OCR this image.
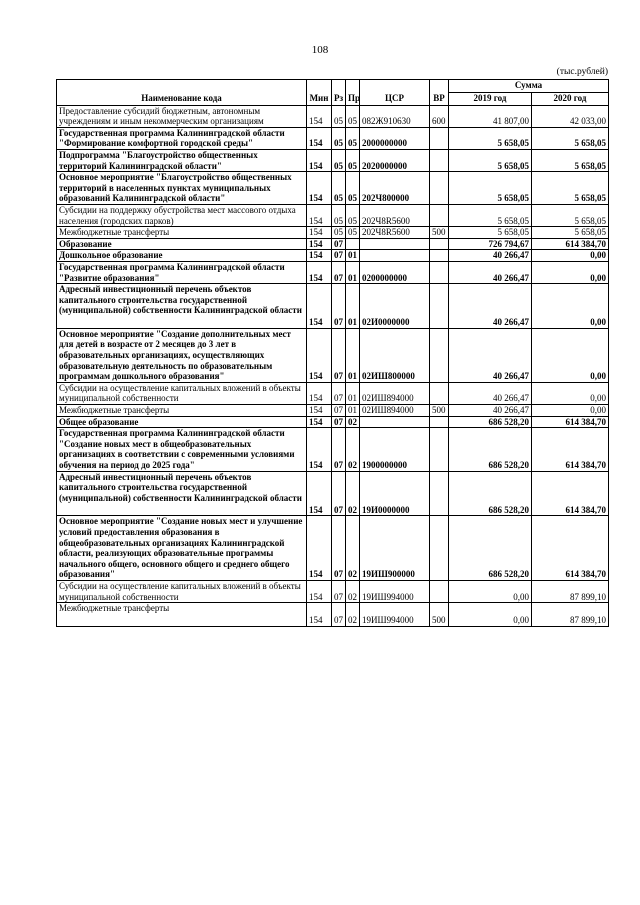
108
(тыс.рублей)
Наименование кода	Мин	Рз	Пр	ЦСР	ВР	Сумма	
						2019 год	2020 год
Предоставление субсидий бюджетным, автономным учреждениям и иным некоммерческим организациям	154	05	05	082Ж910630	600	41 807,00	42 033,00
Государственная программа Калининградской области "Формирование комфортной городской среды"	154	05	05	2000000000		5 658,05	5 658,05
Подпрограмма "Благоустройство общественных территорий Калининградской области"	154	05	05	2020000000		5 658,05	5 658,05
Основное мероприятие "Благоустройство общественных территорий в населенных пунктах муниципальных образований Калининградской области"	154	05	05	202Ч800000		5 658,05	5 658,05
Субсидии на поддержку обустройства мест массового отдыха населения (городских парков)	154	05	05	202Ч8R5600		5 658,05	5 658,05
Межбюджетные трансферты	154	05	05	202Ч8R5600	500	5 658,05	5 658,05
Образование	154	07				726 794,67	614 384,70
Дошкольное образование	154	07	01			40 266,47	0,00
Государственная программа Калининградской области "Развитие образования"	154	07	01	0200000000		40 266,47	0,00
Адресный инвестиционный перечень объектов капитального строительства государственной (муниципальной) собственности Калининградской области	154	07	01	02И0000000		40 266,47	0,00
Основное мероприятие "Создание дополнительных мест для детей в возрасте от 2 месяцев до 3 лет в образовательных организациях, осуществляющих образовательную деятельность по образовательным программам дошкольного образования"	154	07	01	02ИШ800000		40 266,47	0,00
Субсидии на осуществление капитальных вложений в объекты муниципальной собственности	154	07	01	02ИШ894000		40 266,47	0,00
Межбюджетные трансферты	154	07	01	02ИШ894000	500	40 266,47	0,00
Общее образование	154	07	02			686 528,20	614 384,70
Государственная программа Калининградской области "Создание новых мест в общеобразовательных организациях в соответствии с современными условиями обучения на период до 2025 года"	154	07	02	1900000000		686 528,20	614 384,70
Адресный инвестиционный перечень объектов капитального строительства государственной (муниципальной) собственности Калининградской области	154	07	02	19И0000000		686 528,20	614 384,70
Основное мероприятие "Создание новых мест и улучшение условий предоставления образования в общеобразовательных организациях Калининградской области, реализующих образовательные программы начального общего, основного общего и среднего общего образования"	154	07	02	19ИШ900000		686 528,20	614 384,70
Субсидии на осуществление капитальных вложений в объекты муниципальной собственности	154	07	02	19ИШ994000		0,00	87 899,10
Межбюджетные трансферты	154	07	02	19ИШ994000	500	0,00	87 899,10
